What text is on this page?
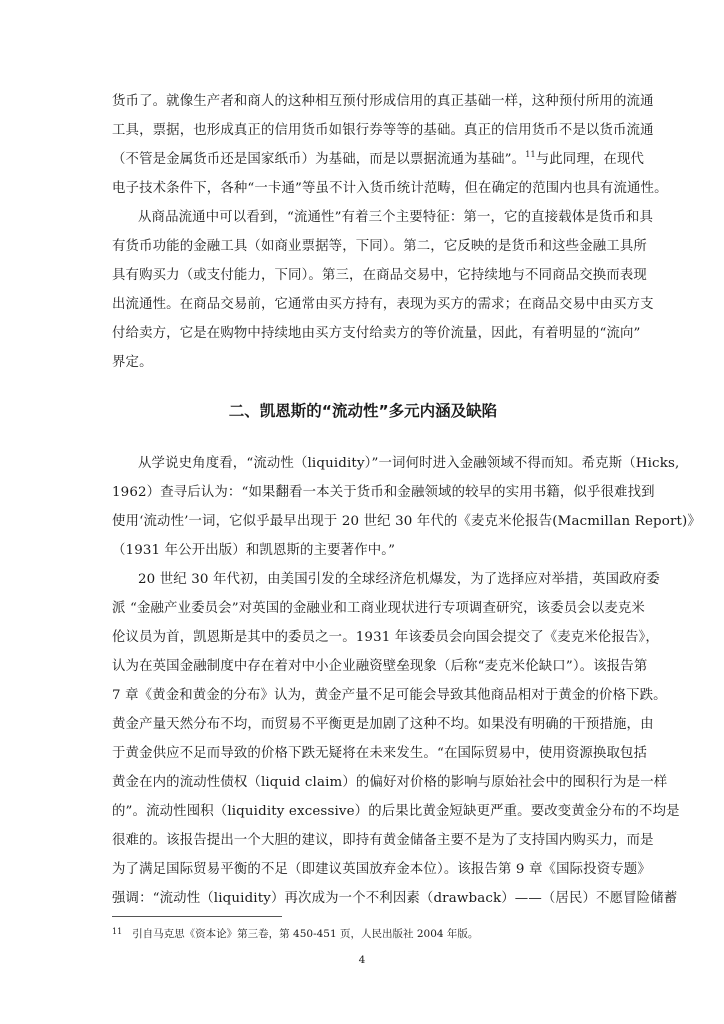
货币了。就像生产者和商人的这种相互预付形成信用的真正基础一样，这种预付所用的流通
工具，票据，也形成真正的信用货币如银行券等等的基础。真正的信用货币不是以货币流通
（不管是金属货币还是国家纸币）为基础，而是以票据流通为基础”。$^{11}$与此同理，在现代
电子技术条件下，各种“一卡通”等虽不计入货币统计范畴，但在确定的范围内也具有流通性。
从商品流通中可以看到，“流通性”有着三个主要特征：第一，它的直接载体是货币和具
有货币功能的金融工具（如商业票据等，下同）。第二，它反映的是货币和这些金融工具所
具有购买力（或支付能力，下同）。第三，在商品交易中，它持续地与不同商品交换而表现
出流通性。在商品交易前，它通常由买方持有，表现为买方的需求；在商品交易中由买方支
付给卖方，它是在购物中持续地由买方支付给卖方的等价流量，因此，有着明显的“流向”
界定。
二、凯恩斯的“流动性”多元内涵及缺陷
从学说史角度看，“流动性（liquidity）”一词何时进入金融领域不得而知。希克斯（Hicks,
1962）查寻后认为：“如果翻看一本关于货币和金融领域的较早的实用书籍，似乎很难找到
使用‘流动性’一词，它似乎最早出现于 20 世纪 30 年代的《麦克米伦报告(Macmillan Report)》
（1931 年公开出版）和凯恩斯的主要著作中。”
20 世纪 30 年代初，由美国引发的全球经济危机爆发，为了选择应对举措，英国政府委
派 “金融产业委员会”对英国的金融业和工商业现状进行专项调查研究，该委员会以麦克米
伦议员为首，凯恩斯是其中的委员之一。1931 年该委员会向国会提交了《麦克米伦报告》，
认为在英国金融制度中存在着对中小企业融资壁垒现象（后称“麦克米伦缺口”）。该报告第
7 章《黄金和黄金的分布》认为，黄金产量不足可能会导致其他商品相对于黄金的价格下跌。
黄金产量天然分布不均，而贸易不平衡更是加剧了这种不均。如果没有明确的干预措施，由
于黄金供应不足而导致的价格下跌无疑将在未来发生。“在国际贸易中，使用资源换取包括
黄金在内的流动性债权（liquid claim）的偏好对价格的影响与原始社会中的囤积行为是一样
的”。流动性囤积（liquidity excessive）的后果比黄金短缺更严重。要改变黄金分布的不均是
很难的。该报告提出一个大胆的建议，即持有黄金储备主要不是为了支持国内购买力，而是
为了满足国际贸易平衡的不足（即建议英国放弃金本位）。该报告第 9 章《国际投资专题》
强调：“流动性（liquidity）再次成为一个不利因素（drawback）——（居民）不愿冒险储蓄
11 引自马克思《资本论》第三卷，第 450-451 页，人民出版社 2004 年版。
4
